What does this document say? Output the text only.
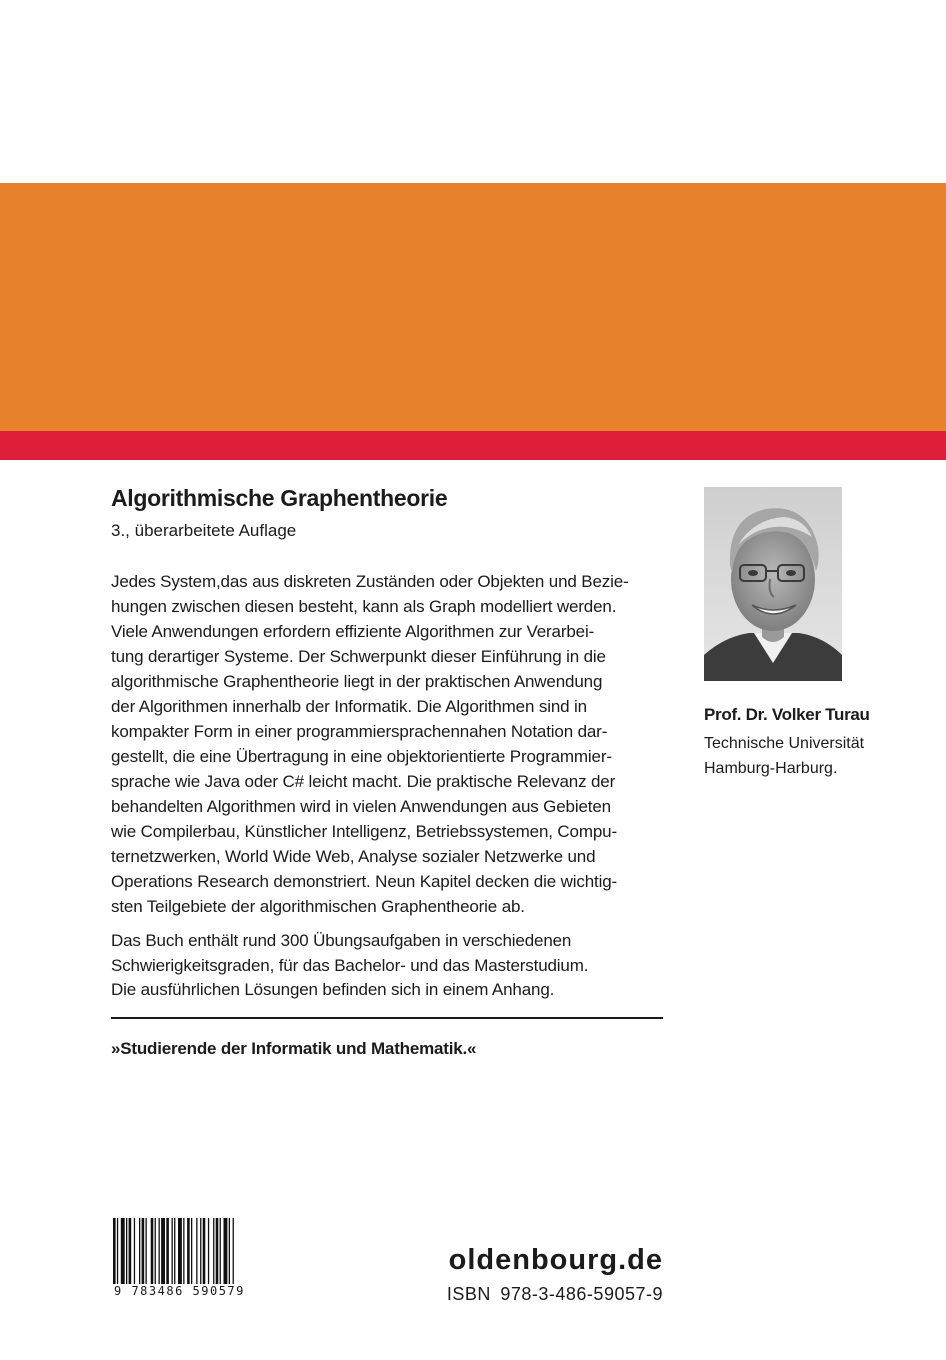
Algorithmische Graphentheorie

3., überarbeitete Auflage

Jedes System,das aus diskreten Zuständen oder Objekten und Bezie-
hungen zwischen diesen besteht, kann als Graph modelliert werden.
Viele Anwendungen erfordern effiziente Algorithmen zur Verarbei-
tung derartiger Systeme. Der Schwerpunkt dieser Einführung in die
algorithmische Graphentheorie liegt in der praktischen Anwendung
der Algorithmen innerhalb der Informatik. Die Algorithmen sind in
kompakter Form in einer programmiersprachennahen Notation dar-
gestellt, die eine Übertragung in eine objektorientierte Programmier-
sprache wie Java oder C# leicht macht. Die praktische Relevanz der
behandelten Algorithmen wird in vielen Anwendungen aus Gebieten
wie Compilerbau, Künstlicher Intelligenz, Betriebssystemen, Compu-
ternetzwerken, World Wide Web, Analyse sozialer Netzwerke und
Operations Research demonstriert. Neun Kapitel decken die wichtig-
sten Teilgebiete der algorithmischen Graphentheorie ab.
Das Buch enthält rund 300 Übungsaufgaben in verschiedenen
Schwierigkeitsgraden, für das Bachelor- und das Masterstudium.
Die ausführlichen Lösungen befinden sich in einem Anhang.

»Studierende der Informatik und Mathematik.«

Prof. Dr. Volker Turau

Technische Universität
Hamburg-Harburg.
9 783486 590579

oldenbourg.de

ISBN 978-3-486-59057-9
